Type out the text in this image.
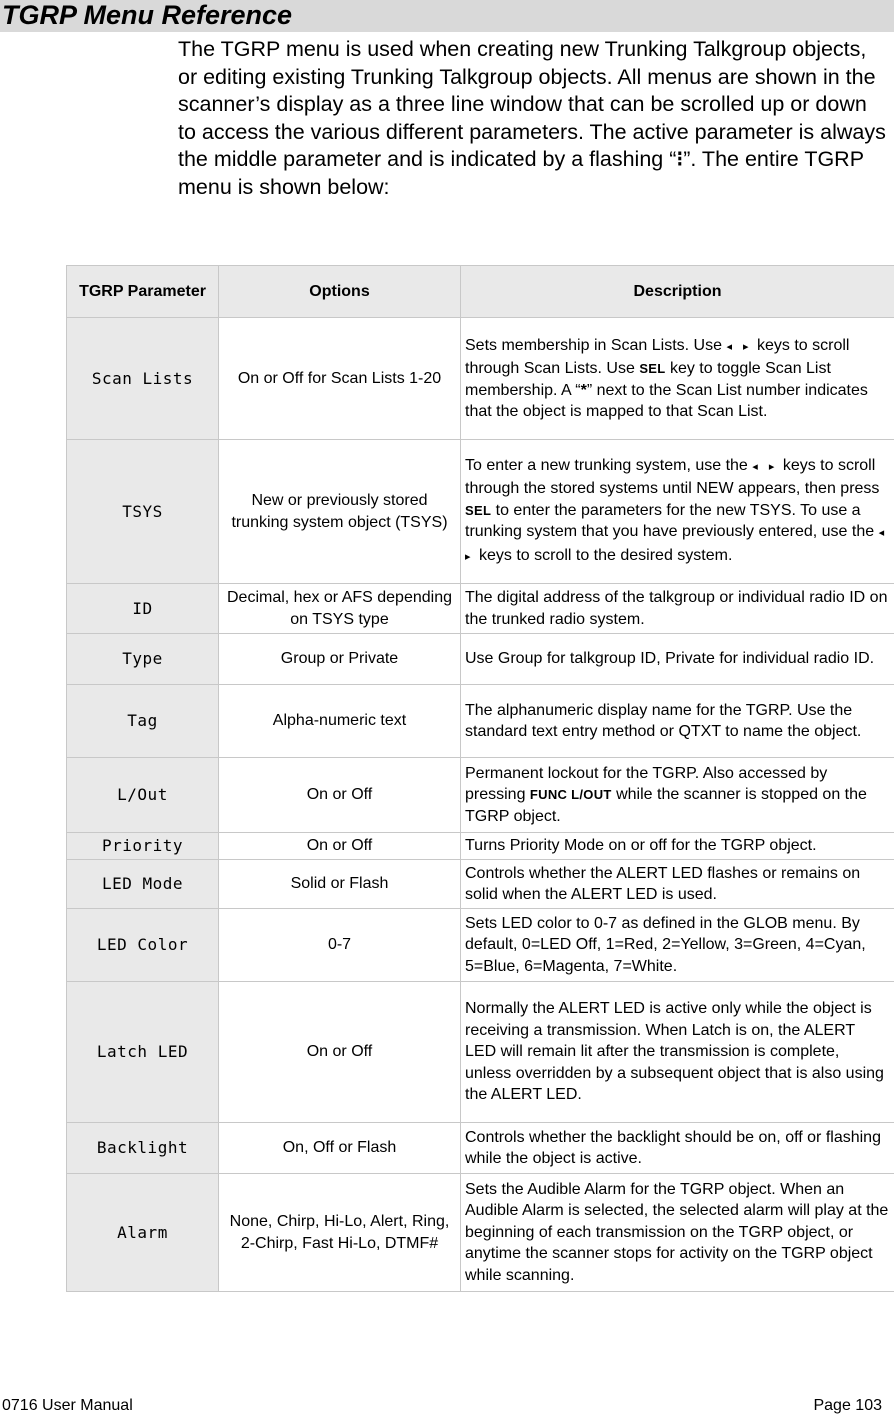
TGRP Menu Reference
The TGRP menu is used when creating new Trunking Talkgroup objects, or editing existing Trunking Talkgroup objects. All menus are shown in the scanner’s display as a three line window that can be scrolled up or down to access the various different parameters. The active parameter is always the middle parameter and is indicated by a flashing “⁝”. The entire TGRP menu is shown below:
TGRP Parameter	Options	Description
Scan Lists	On or Off for Scan Lists 1-20	Sets membership in Scan Lists. Use ◂ ▸ keys to scroll through Scan Lists. Use SEL key to toggle Scan List membership. A “*” next to the Scan List number indicates that the object is mapped to that Scan List.
TSYS	New or previously stored trunking system object (TSYS)	To enter a new trunking system, use the ◂ ▸ keys to scroll through the stored systems until NEW appears, then press SEL to enter the parameters for the new TSYS. To use a trunking system that you have previously entered, use the ◂ ▸ keys to scroll to the desired system.
ID	Decimal, hex or AFS depending on TSYS type	The digital address of the talkgroup or individual radio ID on the trunked radio system.
Type	Group or Private	Use Group for talkgroup ID, Private for individual radio ID.
Tag	Alpha-numeric text	The alphanumeric display name for the TGRP. Use the standard text entry method or QTXT to name the object.
L/Out	On or Off	Permanent lockout for the TGRP. Also accessed by pressing FUNC L/OUT while the scanner is stopped on the TGRP object.
Priority	On or Off	Turns Priority Mode on or off for the TGRP object.
LED Mode	Solid or Flash	Controls whether the ALERT LED flashes or remains on solid when the ALERT LED is used.
LED Color	0-7	Sets LED color to 0-7 as defined in the GLOB menu. By default, 0=LED Off, 1=Red, 2=Yellow, 3=Green, 4=Cyan, 5=Blue, 6=Magenta, 7=White.
Latch LED	On or Off	Normally the ALERT LED is active only while the object is receiving a transmission. When Latch is on, the ALERT LED will remain lit after the transmission is complete, unless overridden by a subsequent object that is also using the ALERT LED.
Backlight	On, Off or Flash	Controls whether the backlight should be on, off or flashing while the object is active.
Alarm	None, Chirp, Hi-Lo, Alert, Ring, 2-Chirp, Fast Hi-Lo, DTMF#	Sets the Audible Alarm for the TGRP object. When an Audible Alarm is selected, the selected alarm will play at the beginning of each transmission on the TGRP object, or anytime the scanner stops for activity on the TGRP object while scanning.
0716 User Manual	Page 103
